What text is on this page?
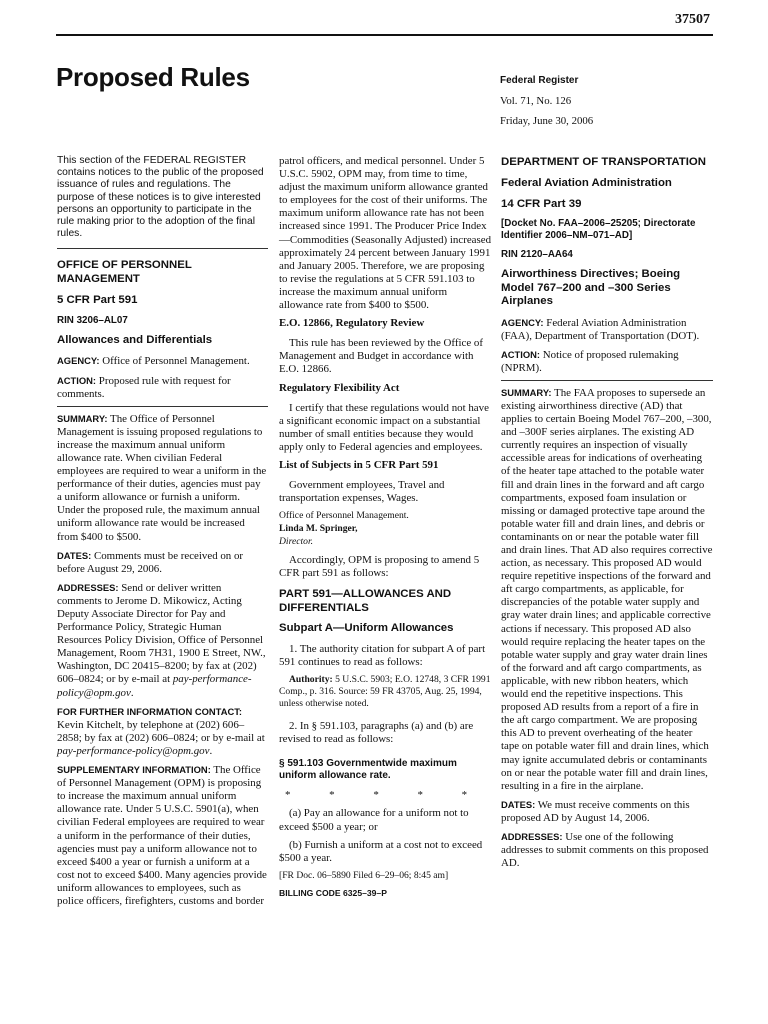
37507
Proposed Rules	Federal Register
Vol. 71, No. 126
Friday, June 30, 2006

This section of the FEDERAL REGISTER contains notices to the public of the proposed issuance of rules and regulations. The purpose of these notices is to give interested persons an opportunity to participate in the rule making prior to the adoption of the final rules.

OFFICE OF PERSONNEL MANAGEMENT
5 CFR Part 591
RIN 3206–AL07
Allowances and Differentials

AGENCY: Office of Personnel Management.

ACTION: Proposed rule with request for comments.

SUMMARY: The Office of Personnel Management is issuing proposed regulations to increase the maximum annual uniform allowance rate. When civilian Federal employees are required to wear a uniform in the performance of their duties, agencies must pay a uniform allowance or furnish a uniform. Under the proposed rule, the maximum annual uniform allowance rate would be increased from $400 to $500.

DATES: Comments must be received on or before August 29, 2006.

ADDRESSES: Send or deliver written comments to Jerome D. Mikowicz, Acting Deputy Associate Director for Pay and Performance Policy, Strategic Human Resources Policy Division, Office of Personnel Management, Room 7H31, 1900 E Street, NW., Washington, DC 20415–8200; by fax at (202) 606–0824; or by e-mail at pay-performance-policy@opm.gov.

FOR FURTHER INFORMATION CONTACT:
Kevin Kitchelt, by telephone at (202) 606–2858; by fax at (202) 606–0824; or by e-mail at pay-performance-policy@opm.gov.

SUPPLEMENTARY INFORMATION: The Office of Personnel Management (OPM) is proposing to increase the maximum annual uniform allowance rate. Under 5 U.S.C. 5901(a), when civilian Federal employees are required to wear a uniform in the performance of their duties, agencies must pay a uniform allowance not to exceed $400 a year or furnish a uniform at a cost not to exceed $400. Many agencies provide uniform allowances to employees, such as police officers, firefighters, customs and border

patrol officers, and medical personnel. Under 5 U.S.C. 5902, OPM may, from time to time, adjust the maximum uniform allowance granted to employees for the cost of their uniforms. The maximum uniform allowance rate has not been increased since 1991. The Producer Price Index—Commodities (Seasonally Adjusted) increased approximately 24 percent between January 1991 and January 2005. Therefore, we are proposing to revise the regulations at 5 CFR 591.103 to increase the maximum annual uniform allowance rate from $400 to $500.

E.O. 12866, Regulatory Review

This rule has been reviewed by the Office of Management and Budget in accordance with E.O. 12866.

Regulatory Flexibility Act

I certify that these regulations would not have a significant economic impact on a substantial number of small entities because they would apply only to Federal agencies and employees.

List of Subjects in 5 CFR Part 591

Government employees, Travel and transportation expenses, Wages.

Office of Personnel Management.
Linda M. Springer,
Director.

Accordingly, OPM is proposing to amend 5 CFR part 591 as follows:

PART 591—ALLOWANCES AND DIFFERENTIALS
Subpart A—Uniform Allowances

1. The authority citation for subpart A of part 591 continues to read as follows:

Authority: 5 U.S.C. 5903; E.O. 12748, 3 CFR 1991 Comp., p. 316. Source: 59 FR 43705, Aug. 25, 1994, unless otherwise noted.

2. In § 591.103, paragraphs (a) and (b) are revised to read as follows:

§ 591.103 Governmentwide maximum uniform allowance rate.

* * * * *

(a) Pay an allowance for a uniform not to exceed $500 a year; or

(b) Furnish a uniform at a cost not to exceed $500 a year.

[FR Doc. 06–5890 Filed 6–29–06; 8:45 am]

BILLING CODE 6325–39–P

DEPARTMENT OF TRANSPORTATION
Federal Aviation Administration
14 CFR Part 39
[Docket No. FAA–2006–25205; Directorate Identifier 2006–NM–071–AD]
RIN 2120–AA64
Airworthiness Directives; Boeing Model 767–200 and –300 Series Airplanes

AGENCY: Federal Aviation Administration (FAA), Department of Transportation (DOT).

ACTION: Notice of proposed rulemaking (NPRM).

SUMMARY: The FAA proposes to supersede an existing airworthiness directive (AD) that applies to certain Boeing Model 767–200, –300, and –300F series airplanes. The existing AD currently requires an inspection of visually accessible areas for indications of overheating of the heater tape attached to the potable water fill and drain lines in the forward and aft cargo compartments, exposed foam insulation or missing or damaged protective tape around the potable water fill and drain lines, and debris or contaminants on or near the potable water fill and drain lines. That AD also requires corrective action, as necessary. This proposed AD would require repetitive inspections of the forward and aft cargo compartments, as applicable, for discrepancies of the potable water supply and gray water drain lines; and applicable corrective actions if necessary. This proposed AD also would require replacing the heater tapes on the potable water supply and gray water drain lines of the forward and aft cargo compartments, as applicable, with new ribbon heaters, which would end the repetitive inspections. This proposed AD results from a report of a fire in the aft cargo compartment. We are proposing this AD to prevent overheating of the heater tape on potable water fill and drain lines, which may ignite accumulated debris or contaminants on or near the potable water fill and drain lines, resulting in a fire in the airplane.

DATES: We must receive comments on this proposed AD by August 14, 2006.

ADDRESSES: Use one of the following addresses to submit comments on this proposed AD.
